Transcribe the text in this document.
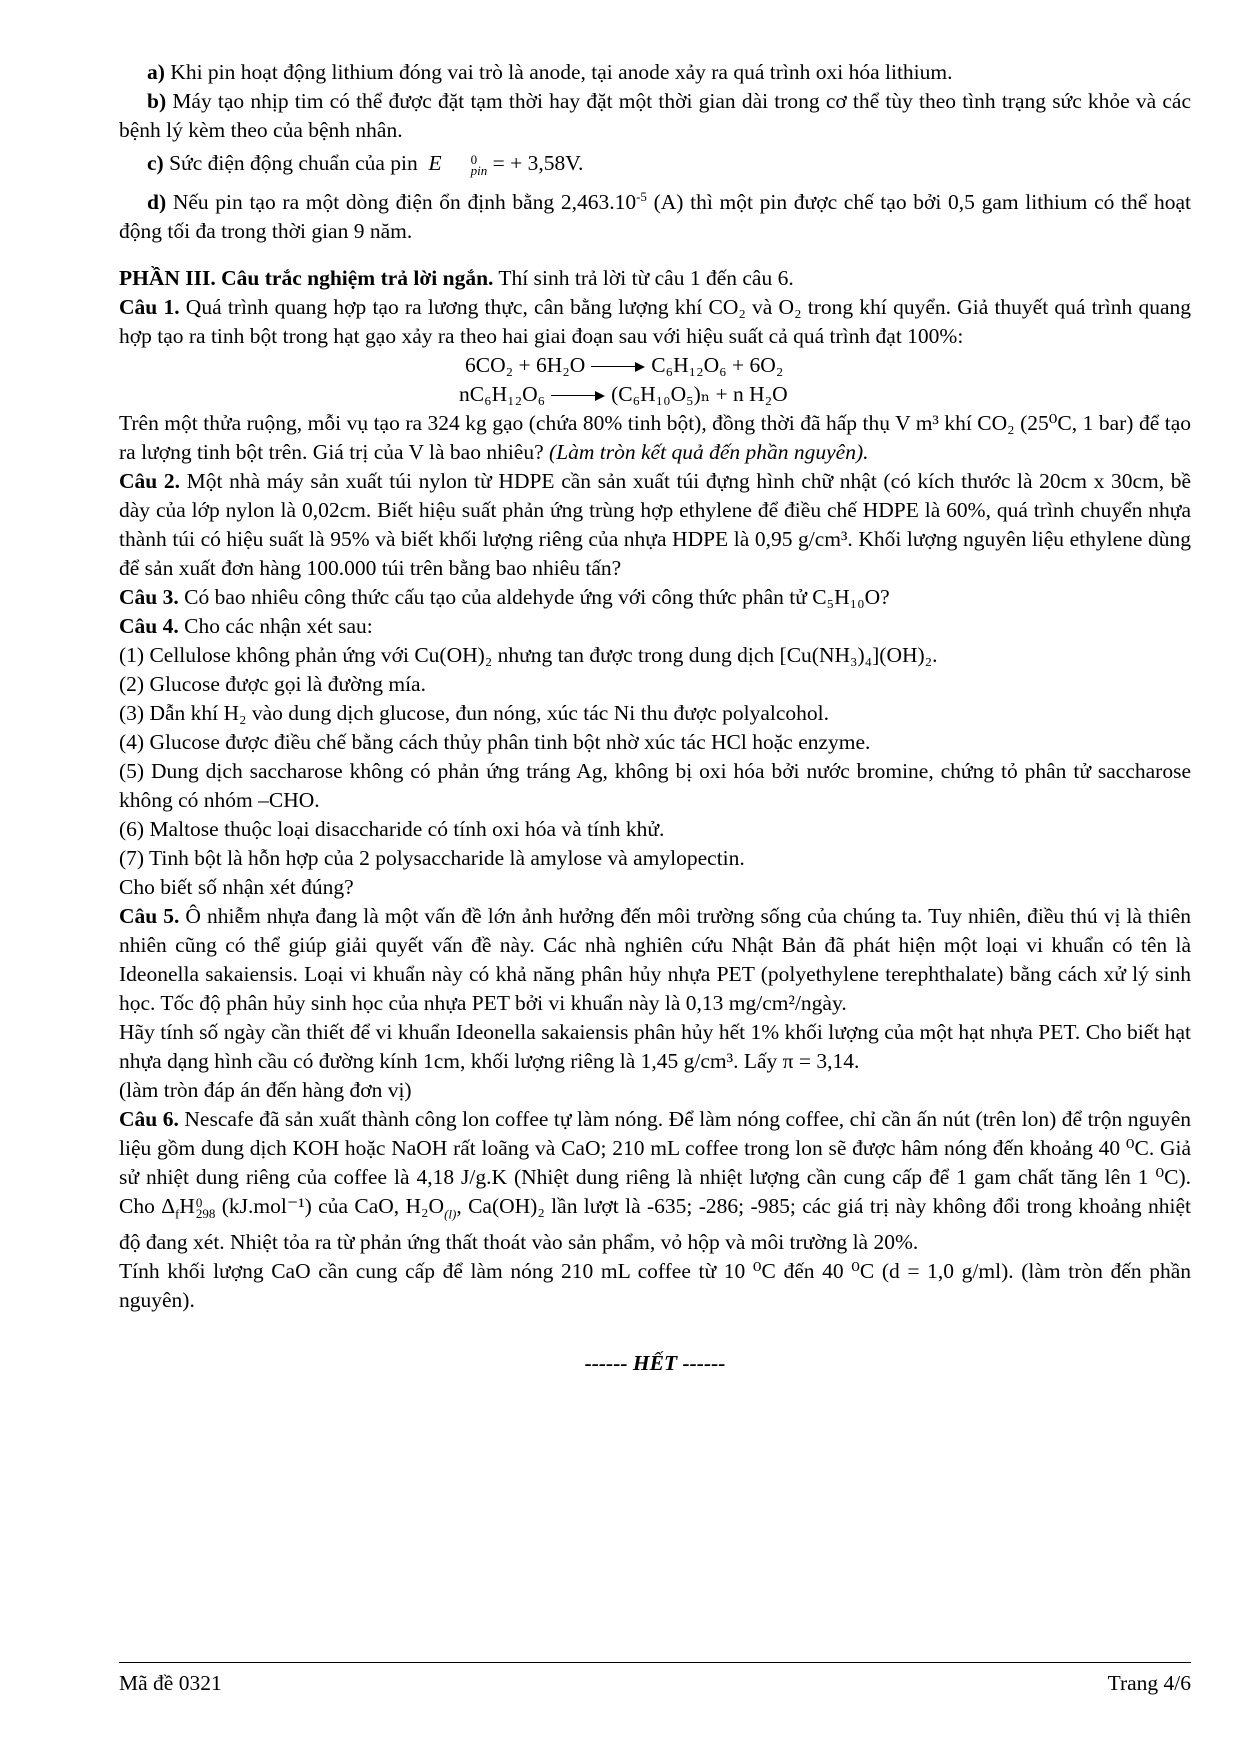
a) Khi pin hoạt động lithium đóng vai trò là anode, tại anode xảy ra quá trình oxi hóa lithium.

b) Máy tạo nhịp tim có thể được đặt tạm thời hay đặt một thời gian dài trong cơ thể tùy theo tình trạng sức khỏe và các bệnh lý kèm theo của bệnh nhân.

c) Sức điện động chuẩn của pin E	0
pin = + 3,58V.

d) Nếu pin tạo ra một dòng điện ổn định bằng $2,463.10^{-5}$ (A) thì một pin được chế tạo bởi 0,5 gam lithium có thể hoạt động tối đa trong thời gian 9 năm.

PHẦN III. Câu trắc nghiệm trả lời ngắn. Thí sinh trả lời từ câu 1 đến câu 6.

Câu 1. Quá trình quang hợp tạo ra lương thực, cân bằng lượng khí CO₂ và O₂ trong khí quyển. Giả thuyết quá trình quang hợp tạo ra tinh bột trong hạt gạo xảy ra theo hai giai đoạn sau với hiệu suất cả quá trình đạt 100%:

6CO₂ + 6H₂O	C₆H₁₂O₆ + 6O₂

nC₆H₁₂O₆	(C₆H₁₀O₅)ₙ + n H₂O

Trên một thửa ruộng, mỗi vụ tạo ra 324 kg gạo (chứa 80% tinh bột), đồng thời đã hấp thụ V m³ khí CO₂ (25⁰C, 1 bar) để tạo ra lượng tinh bột trên. Giá trị của V là bao nhiêu? (Làm tròn kết quả đến phần nguyên).

Câu 2. Một nhà máy sản xuất túi nylon từ HDPE cần sản xuất túi đựng hình chữ nhật (có kích thước là 20cm x 30cm, bề dày của lớp nylon là 0,02cm. Biết hiệu suất phản ứng trùng hợp ethylene để điều chế HDPE là 60%, quá trình chuyển nhựa thành túi có hiệu suất là 95% và biết khối lượng riêng của nhựa HDPE là 0,95 g/cm³. Khối lượng nguyên liệu ethylene dùng để sản xuất đơn hàng 100.000 túi trên bằng bao nhiêu tấn?

Câu 3. Có bao nhiêu công thức cấu tạo của aldehyde ứng với công thức phân tử C₅H₁₀O?

Câu 4. Cho các nhận xét sau:

(1) Cellulose không phản ứng với Cu(OH)₂ nhưng tan được trong dung dịch [Cu(NH₃)₄](OH)₂.

(2) Glucose được gọi là đường mía.

(3) Dẫn khí H₂ vào dung dịch glucose, đun nóng, xúc tác Ni thu được polyalcohol.

(4) Glucose được điều chế bằng cách thủy phân tinh bột nhờ xúc tác HCl hoặc enzyme.

(5) Dung dịch saccharose không có phản ứng tráng Ag, không bị oxi hóa bởi nước bromine, chứng tỏ phân tử saccharose không có nhóm –CHO.

(6) Maltose thuộc loại disaccharide có tính oxi hóa và tính khử.

(7) Tinh bột là hỗn hợp của 2 polysaccharide là amylose và amylopectin.

Cho biết số nhận xét đúng?

Câu 5. Ô nhiễm nhựa đang là một vấn đề lớn ảnh hưởng đến môi trường sống của chúng ta. Tuy nhiên, điều thú vị là thiên nhiên cũng có thể giúp giải quyết vấn đề này. Các nhà nghiên cứu Nhật Bản đã phát hiện một loại vi khuẩn có tên là Ideonella sakaiensis. Loại vi khuẩn này có khả năng phân hủy nhựa PET (polyethylene terephthalate) bằng cách xử lý sinh học. Tốc độ phân hủy sinh học của nhựa PET bởi vi khuẩn này là 0,13 mg/cm²/ngày.

Hãy tính số ngày cần thiết để vi khuẩn Ideonella sakaiensis phân hủy hết 1% khối lượng của một hạt nhựa PET. Cho biết hạt nhựa dạng hình cầu có đường kính 1cm, khối lượng riêng là 1,45 g/cm³. Lấy π = 3,14.

(làm tròn đáp án đến hàng đơn vị)

Câu 6. Nescafe đã sản xuất thành công lon coffee tự làm nóng. Để làm nóng coffee, chỉ cần ấn nút (trên lon) để trộn nguyên liệu gồm dung dịch KOH hoặc NaOH rất loãng và CaO; 210 mL coffee trong lon sẽ được hâm nóng đến khoảng 40 ⁰C. Giả sử nhiệt dung riêng của coffee là 4,18 J/g.K (Nhiệt dung riêng là nhiệt lượng cần cung cấp để 1 gam chất tăng lên 1 ⁰C). Cho $\Delta_fH$ 0
298 (kJ.mol⁻¹) của CaO, $H_2O_{(l)}$, Ca(OH)₂ lần lượt là -635; -286; -985; các giá trị này không đổi trong khoảng nhiệt độ đang xét. Nhiệt tỏa ra từ phản ứng thất thoát vào sản phẩm, vỏ hộp và môi trường là 20%.

Tính khối lượng CaO cần cung cấp để làm nóng 210 mL coffee từ 10 ⁰C đến 40 ⁰C (d = 1,0 g/ml). (làm tròn đến phần nguyên).

------ HẾT ------

Mã đề 0321	Trang 4/6
